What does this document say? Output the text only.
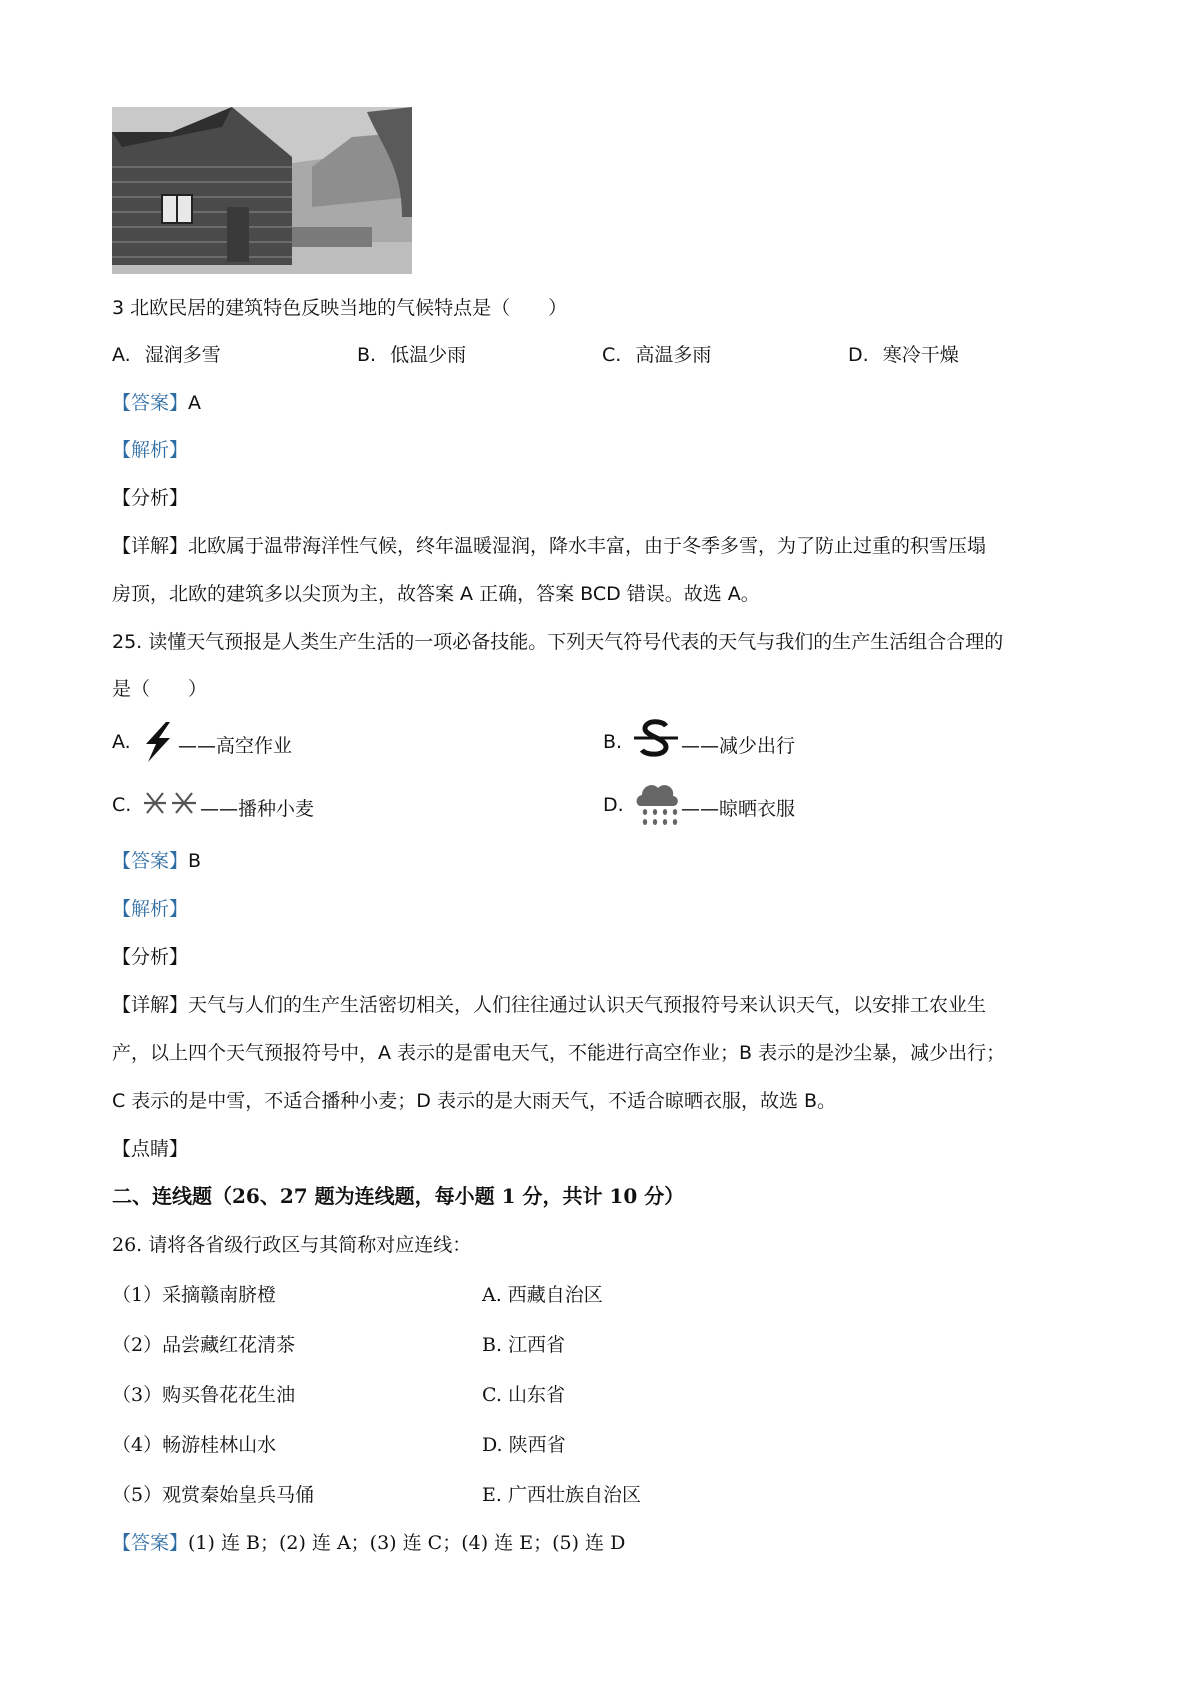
3 北欧民居的建筑特色反映当地的气候特点是（　　）
A. 湿润多雪	B. 低温少雨	C. 高温多雨	D. 寒冷干燥
【答案】A
【解析】
【分析】
【详解】北欧属于温带海洋性气候，终年温暖湿润，降水丰富，由于冬季多雪，为了防止过重的积雪压塌
房顶，北欧的建筑多以尖顶为主，故答案 A 正确，答案 BCD 错误。故选 A。
25. 读懂天气预报是人类生产生活的一项必备技能。下列天气符号代表的天气与我们的生产生活组合合理的
是（　　）
A. ——高空作业	B.	——减少出行
C.	——播种小麦	D.	——晾晒衣服
【答案】B
【解析】
【分析】
【详解】天气与人们的生产生活密切相关，人们往往通过认识天气预报符号来认识天气，以安排工农业生
产，以上四个天气预报符号中，A 表示的是雷电天气，不能进行高空作业；B 表示的是沙尘暴，减少出行；
C 表示的是中雪，不适合播种小麦；D 表示的是大雨天气，不适合晾晒衣服，故选 B。
【点睛】
二、连线题（26、27 题为连线题，每小题 1 分，共计 10 分）
26. 请将各省级行政区与其简称对应连线：
（1）采摘赣南脐橙	A. 西藏自治区
（2）品尝藏红花清茶	B. 江西省
（3）购买鲁花花生油	C. 山东省
（4）畅游桂林山水	D. 陕西省
（5）观赏秦始皇兵马俑	E. 广西壮族自治区
【答案】(1) 连 B；(2) 连 A；(3) 连 C；(4) 连 E；(5) 连 D
